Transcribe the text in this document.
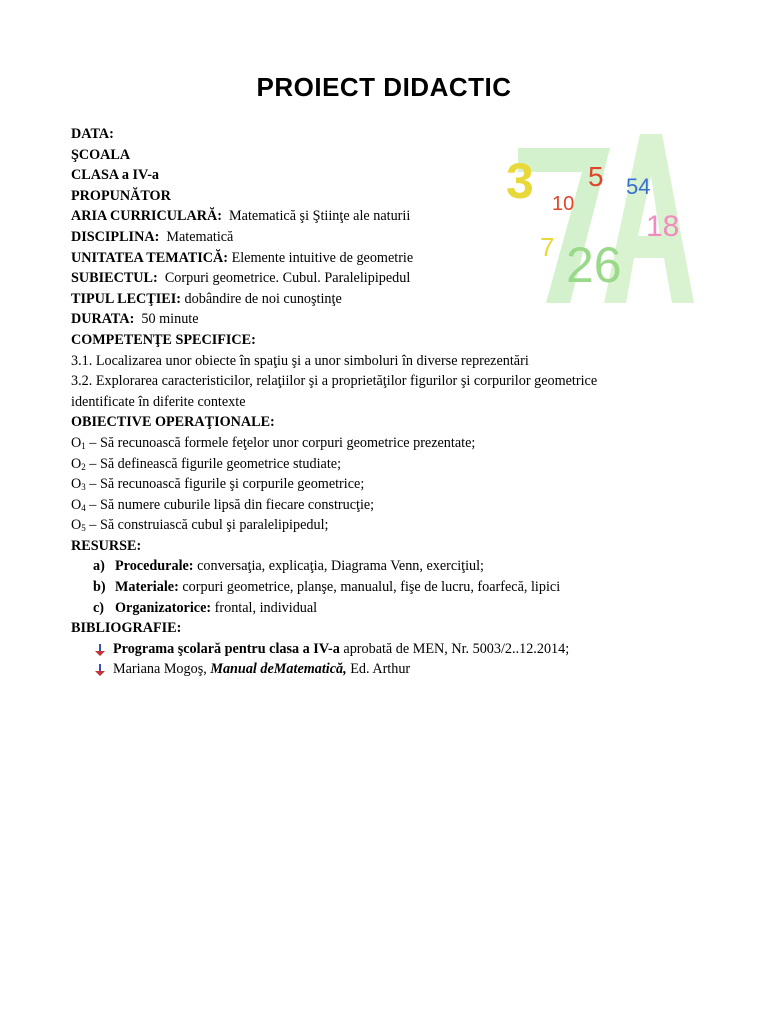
PROIECT DIDACTIC
3 10
5 54
18
7 26
DATA:
ŞCOALA
CLASA a IV-a
PROPUNĂTOR
ARIA CURRICULARĂ: Matematică şi Ştiinţe ale naturii
DISCIPLINA: Matematică
UNITATEA TEMATICĂ: Elemente intuitive de geometrie
SUBIECTUL: Corpuri geometrice. Cubul. Paralelipipedul
TIPUL LECŢIEI: dobândire de noi cunoştinţe
DURATA: 50 minute
COMPETENŢE SPECIFICE:
3.1. Localizarea unor obiecte în spaţiu şi a unor simboluri în diverse reprezentări
3.2. Explorarea caracteristicilor, relaţiilor şi a proprietăţilor figurilor şi corpurilor geometrice identificate în diferite contexte
OBIECTIVE OPERAŢIONALE:
$O_1$ – Să recunoască formele feţelor unor corpuri geometrice prezentate;
$O_2$ – Să definească figurile geometrice studiate;
$O_3$ – Să recunoască figurile şi corpurile geometrice;
$O_4$ – Să numere cuburile lipsă din fiecare construcţie;
$O_5$ – Să construiască cubul şi paralelipipedul;
RESURSE:
a) Procedurale: conversaţia, explicaţia, Diagrama Venn, exerciţiul;
b) Materiale: corpuri geometrice, planşe, manualul, fişe de lucru, foarfecă, lipici
c) Organizatorice: frontal, individual
BIBLIOGRAFIE:
Programa şcolară pentru clasa a IV-a aprobată de MEN, Nr. 5003/2..12.2014;
Mariana Mogoş, Manual deMatematică, Ed. Arthur
